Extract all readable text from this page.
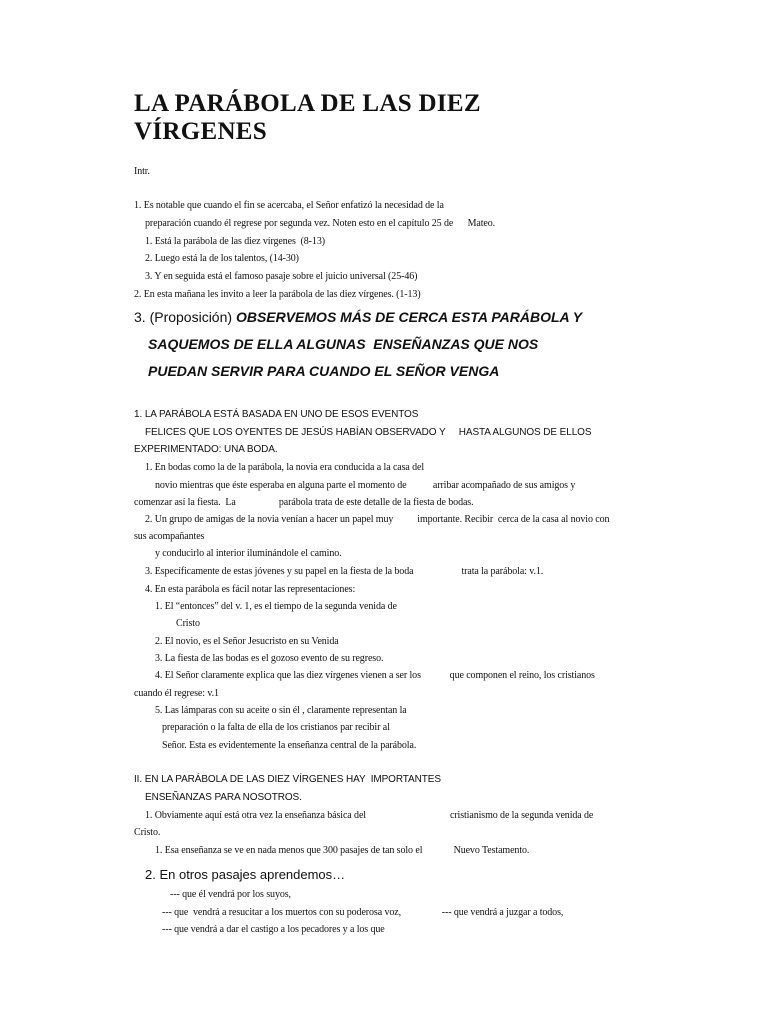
LA PARÁBOLA DE LAS DIEZ
VÍRGENES
Intr.
1. Es notable que cuando el fin se acercaba, el Señor enfatizó la necesidad de la
preparación cuando él regrese por segunda vez. Noten esto en el capítulo 25 de      Mateo.
1. Está la parábola de las diez vírgenes  (8-13)
2. Luego está la de los talentos, (14-30)
3. Y en seguida está el famoso pasaje sobre el juicio universal (25-46)
2. En esta mañana les invito a leer la parábola de las diez vírgenes. (1-13)
3. (Proposición) OBSERVEMOS MÁS DE CERCA ESTA PARÁBOLA Y
SAQUEMOS DE ELLA ALGUNAS  ENSEÑANZAS QUE NOS
PUEDAN SERVIR PARA CUANDO EL SEÑOR VENGA
1. LA PARÁBOLA ESTÁ BASADA EN UNO DE ESOS EVENTOS
FELICES QUE LOS OYENTES DE JESÚS HABÍAN OBSERVADO Y     HASTA ALGUNOS DE ELLOS
EXPERIMENTADO: UNA BODA.
1. En bodas como la de la parábola, la novia era conducida a la casa del
novio mientras que éste esperaba en alguna parte el momento de           arribar acompañado de sus amigos y
comenzar así la fiesta.  La                  parábola trata de este detalle de la fiesta de bodas.
2. Un grupo de amigas de la novia venían a hacer un papel muy          importante. Recibir  cerca de la casa al novio con
sus acompañantes
y conducirlo al interior iluminándole el camino.
3. Específicamente de estas jóvenes y su papel en la fiesta de la boda                    trata la parábola: v.1.
4. En esta parábola es fácil notar las representaciones:
1. El “entonces” del v. 1, es el tiempo de la segunda venida de
Cristo
2. El novio, es el Señor Jesucristo en su Venida
3. La fiesta de las bodas es el gozoso evento de su regreso.
4. El Señor claramente explica que las diez vírgenes vienen a ser los            que componen el reino, los cristianos
cuando él regrese: v.1
5. Las lámparas con su aceite o sin él , claramente representan la
preparación o la falta de ella de los cristianos par recibir al
Señor. Esta es evidentemente la enseñanza central de la parábola.
II. EN LA PARÁBOLA DE LAS DIEZ VÍRGENES HAY  IMPORTANTES
ENSEÑANZAS PARA NOSOTROS.
1. Obviamente aquí está otra vez la enseñanza básica del                                   cristianismo de la segunda venida de
Cristo.
1. Esa enseñanza se ve en nada menos que 300 pasajes de tan solo el             Nuevo Testamento.
2. En otros pasajes aprendemos…
--- que él vendrá por los suyos,
--- que  vendrá a resucitar a los muertos con su poderosa voz,                 --- que vendrá a juzgar a todos,
--- que vendrá a dar el castigo a los pecadores y a los que
